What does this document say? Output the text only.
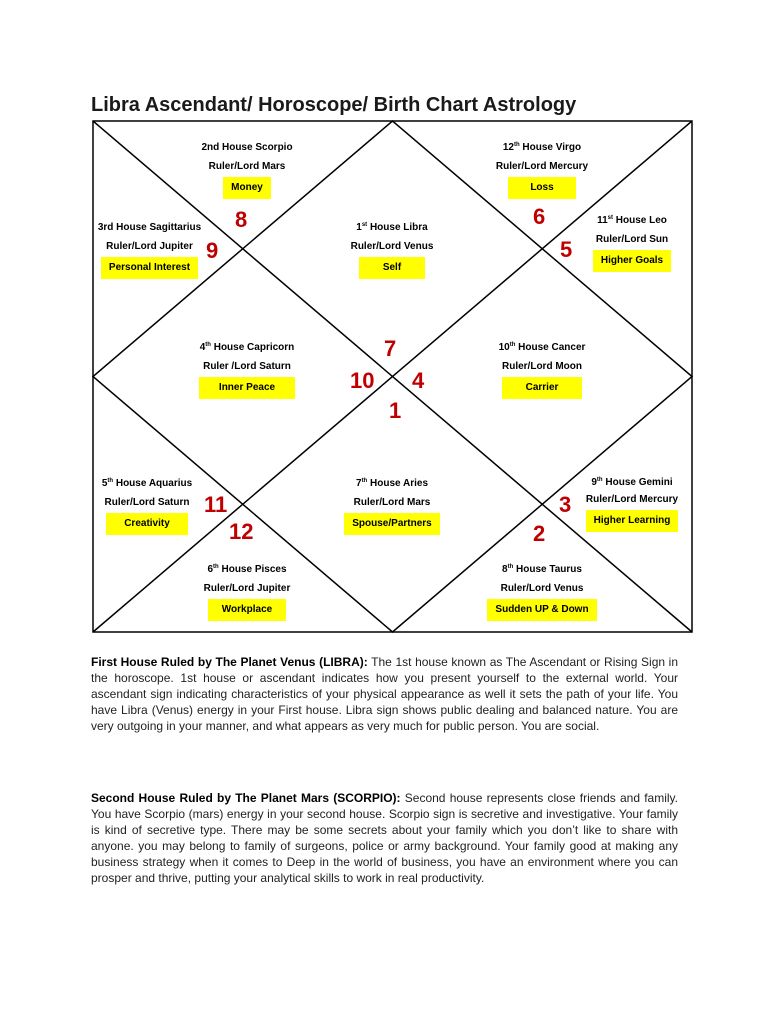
Libra Ascendant/ Horoscope/ Birth Chart Astrology
2nd House Scorpio
Ruler/Lord Mars
Money
3rd House Sagittarius
Ruler/Lord Jupiter
Personal Interest
1st House Libra
Ruler/Lord Venus
Self
12th House Virgo
Ruler/Lord Mercury
Loss
11st House Leo
Ruler/Lord Sun
Higher Goals
4th House Capricorn
Ruler /Lord Saturn
Inner Peace
10th House Cancer
Ruler/Lord Moon
Carrier
5th House Aquarius
Ruler/Lord Saturn
Creativity
7th House Aries
Ruler/Lord Mars
Spouse/Partners
9th House Gemini
Ruler/Lord Mercury
Higher Learning
6th House Pisces
Ruler/Lord Jupiter
Workplace
8th House Taurus
Ruler/Lord Venus
Sudden UP & Down
7
10 4
1
8
9
6
5
11
12
3
2
First House Ruled by The Planet Venus (LIBRA): The 1st house known as The Ascendant or Rising Sign in the horoscope. 1st house or ascendant indicates how you present yourself to the external world. Your ascendant sign indicating characteristics of your physical appearance as well it sets the path of your life. You have Libra (Venus) energy in your First house. Libra sign shows public dealing and balanced nature. You are very outgoing in your manner, and what appears as very much for public person. You are social.
Second House Ruled by The Planet Mars (SCORPIO): Second house represents close friends and family. You have Scorpio (mars) energy in your second house. Scorpio sign is secretive and investigative. Your family is kind of secretive type. There may be some secrets about your family which you don’t like to share with anyone. you may belong to family of surgeons, police or army background. Your family good at making any business strategy when it comes to Deep in the world of business, you have an environment where you can prosper and thrive, putting your analytical skills to work in real productivity.
